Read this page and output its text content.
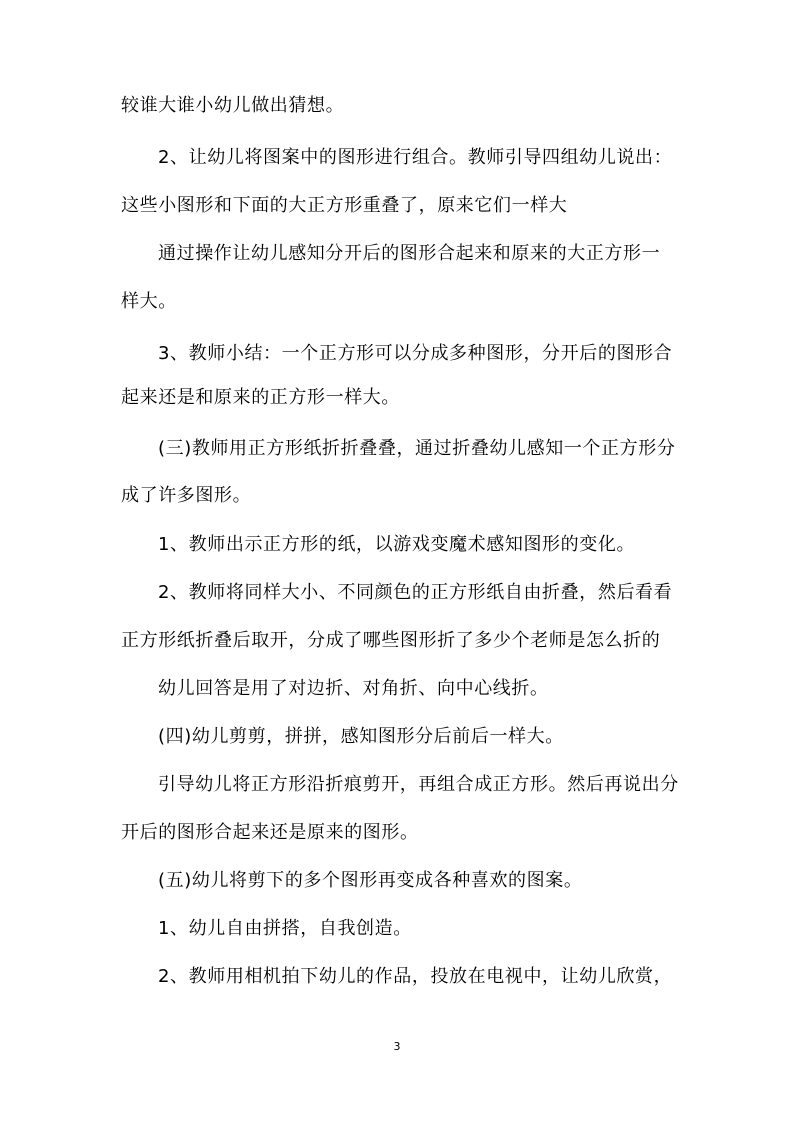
较谁大谁小幼儿做出猜想。
2、让幼儿将图案中的图形进行组合。教师引导四组幼儿说出：
这些小图形和下面的大正方形重叠了，原来它们一样大
通过操作让幼儿感知分开后的图形合起来和原来的大正方形一
样大。
3、教师小结：一个正方形可以分成多种图形，分开后的图形合
起来还是和原来的正方形一样大。
(三)教师用正方形纸折折叠叠，通过折叠幼儿感知一个正方形分
成了许多图形。
1、教师出示正方形的纸，以游戏变魔术感知图形的变化。
2、教师将同样大小、不同颜色的正方形纸自由折叠，然后看看
正方形纸折叠后取开，分成了哪些图形折了多少个老师是怎么折的
幼儿回答是用了对边折、对角折、向中心线折。
(四)幼儿剪剪，拼拼，感知图形分后前后一样大。
引导幼儿将正方形沿折痕剪开，再组合成正方形。然后再说出分
开后的图形合起来还是原来的图形。
(五)幼儿将剪下的多个图形再变成各种喜欢的图案。
1、幼儿自由拼搭，自我创造。
2、教师用相机拍下幼儿的作品，投放在电视中，让幼儿欣赏，
3
